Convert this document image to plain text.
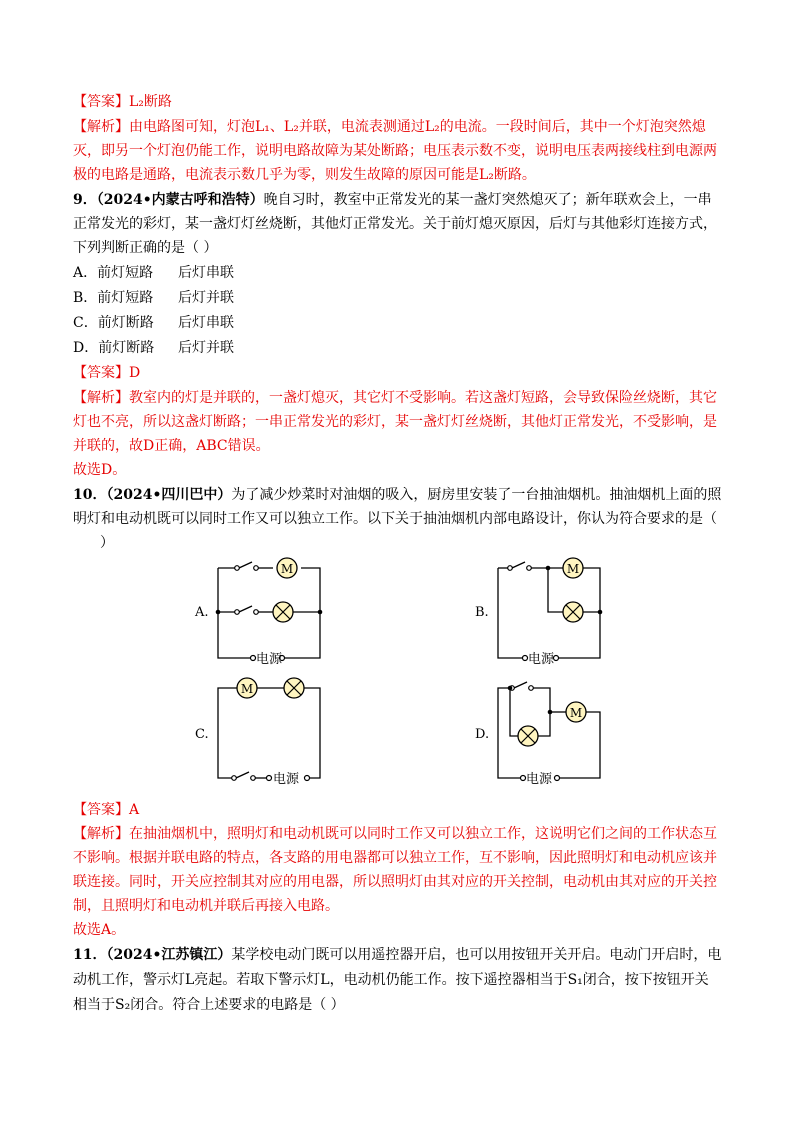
【答案】L₂断路
【解析】由电路图可知，灯泡L₁、L₂并联，电流表测通过L₂的电流。一段时间后，其中一个灯泡突然熄
灭，即另一个灯泡仍能工作，说明电路故障为某处断路；电压表示数不变，说明电压表两接线柱到电源两
极的电路是通路，电流表示数几乎为零，则发生故障的原因可能是L₂断路。
9．（2024•内蒙古呼和浩特）晚自习时，教室中正常发光的某一盏灯突然熄灭了；新年联欢会上，一串
正常发光的彩灯，某一盏灯灯丝烧断，其他灯正常发光。关于前灯熄灭原因，后灯与其他彩灯连接方式，
下列判断正确的是（ ）
A．前灯短路 后灯串联
B．前灯短路 后灯并联
C．前灯断路 后灯串联
D．前灯断路 后灯并联
【答案】D
【解析】教室内的灯是并联的，一盏灯熄灭，其它灯不受影响。若这盏灯短路，会导致保险丝烧断，其它
灯也不亮，所以这盏灯断路；一串正常发光的彩灯，某一盏灯灯丝烧断，其他灯正常发光，不受影响，是
并联的，故D正确，ABC错误。
故选D。
10．（2024•四川巴中）为了减少炒菜时对油烟的吸入，厨房里安装了一台抽油烟机。抽油烟机上面的照
明灯和电动机既可以同时工作又可以独立工作。以下关于抽油烟机内部电路设计，你认为符合要求的是（
）
A.
M
电源
B.
M
电源
C.
M
电源
D.
M
电源
【答案】A
【解析】在抽油烟机中，照明灯和电动机既可以同时工作又可以独立工作，这说明它们之间的工作状态互
不影响。根据并联电路的特点，各支路的用电器都可以独立工作，互不影响，因此照明灯和电动机应该并
联连接。同时，开关应控制其对应的用电器，所以照明灯由其对应的开关控制，电动机由其对应的开关控
制，且照明灯和电动机并联后再接入电路。
故选A。
11．（2024•江苏镇江）某学校电动门既可以用遥控器开启，也可以用按钮开关开启。电动门开启时，电
动机工作，警示灯L亮起。若取下警示灯L，电动机仍能工作。按下遥控器相当于S₁闭合，按下按钮开关
相当于S₂闭合。符合上述要求的电路是（ ）
